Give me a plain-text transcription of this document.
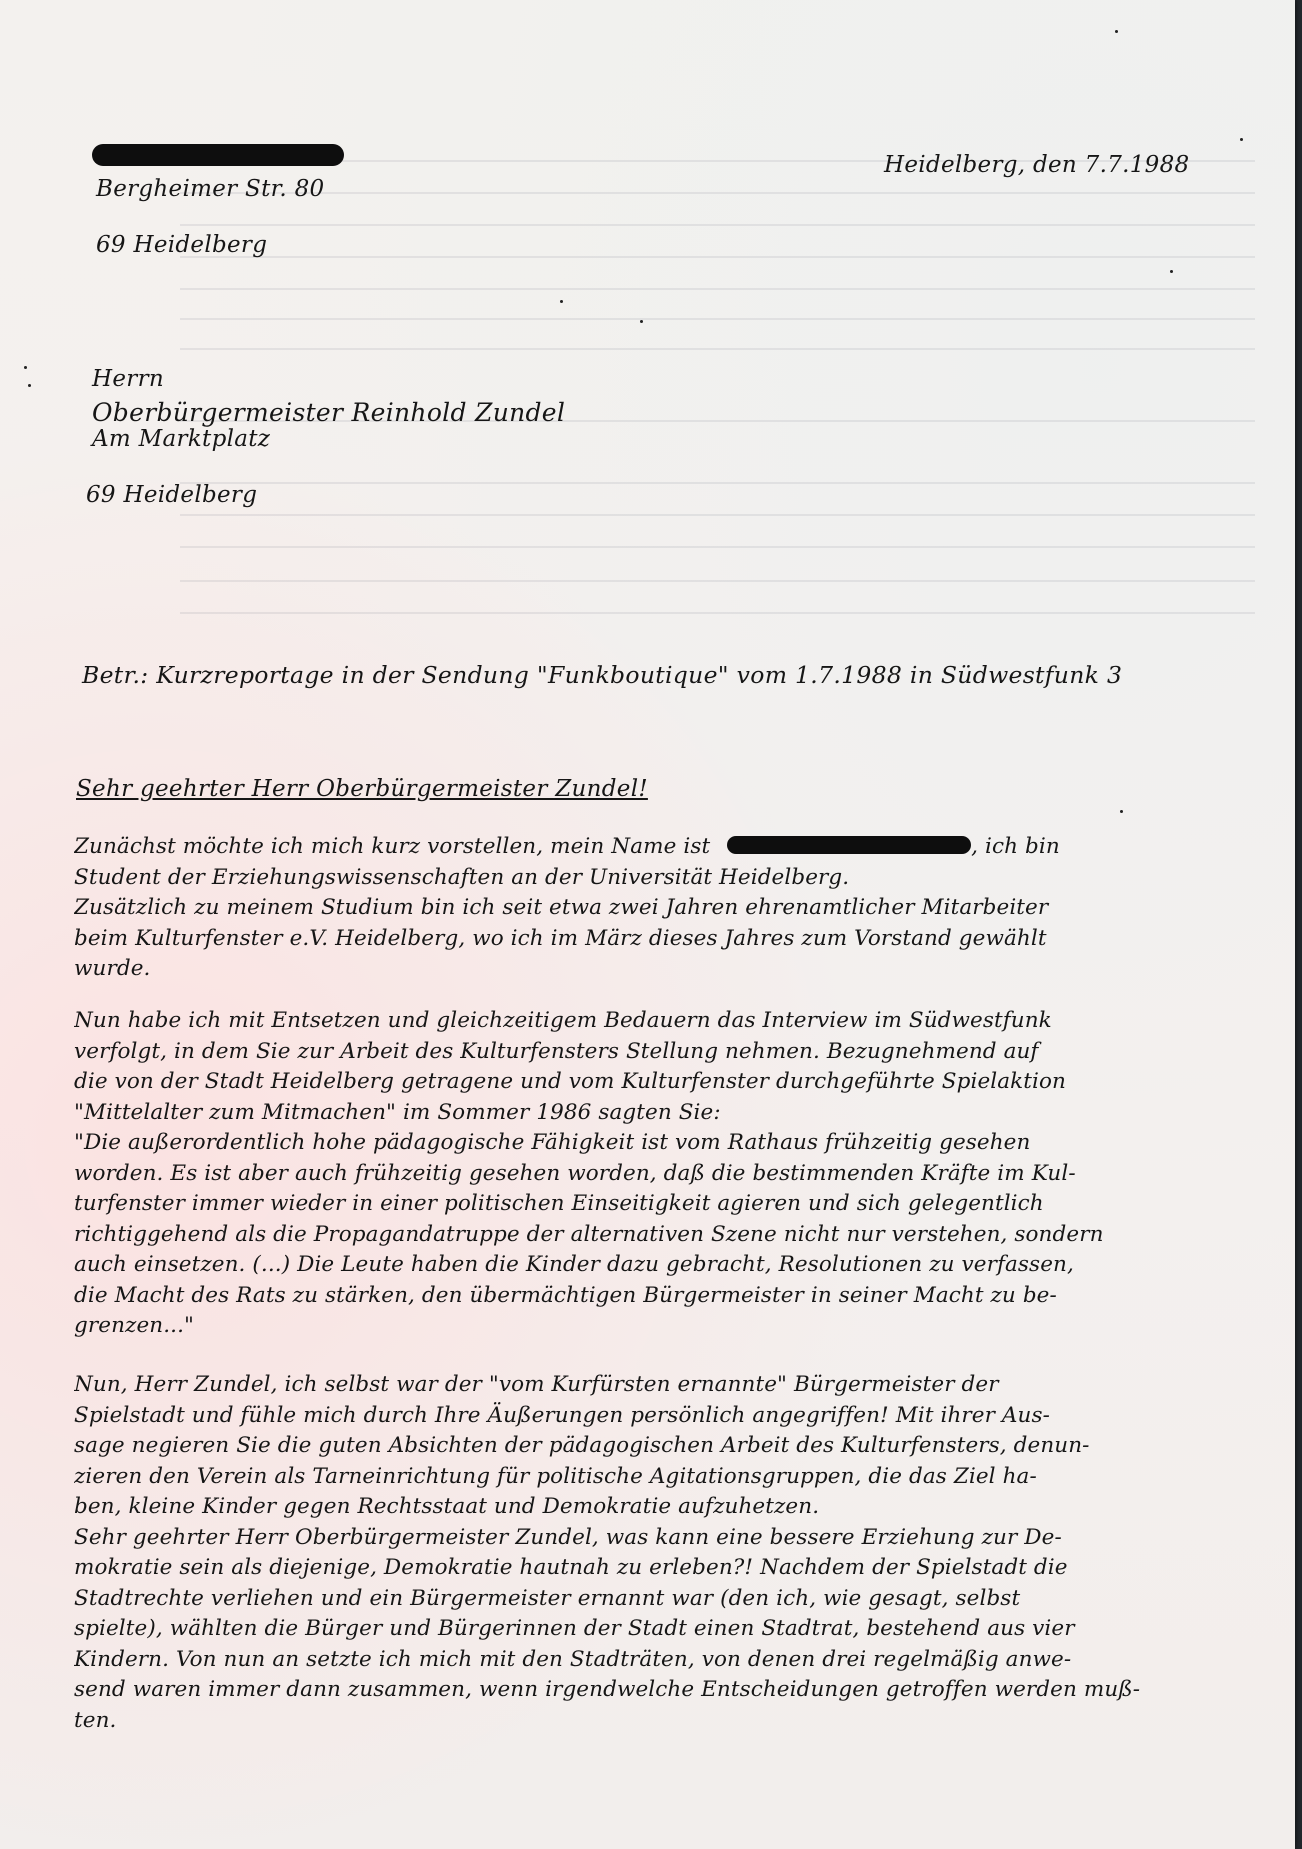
Bergheimer Str. 80
69 Heidelberg
Heidelberg, den 7.7.1988
Herrn
Oberbürgermeister Reinhold Zundel
Am Marktplatz
69 Heidelberg
Betr.: Kurzreportage in der Sendung "Funkboutique" vom 1.7.1988 in Südwestfunk 3
Sehr geehrter Herr Oberbürgermeister Zundel!
Zunächst möchte ich mich kurz vorstellen, mein Name ist	, ich bin
Student der Erziehungswissenschaften an der Universität Heidelberg.
Zusätzlich zu meinem Studium bin ich seit etwa zwei Jahren ehrenamtlicher Mitarbeiter
beim Kulturfenster e.V. Heidelberg, wo ich im März dieses Jahres zum Vorstand gewählt
wurde.
Nun habe ich mit Entsetzen und gleichzeitigem Bedauern das Interview im Südwestfunk
verfolgt, in dem Sie zur Arbeit des Kulturfensters Stellung nehmen. Bezugnehmend auf
die von der Stadt Heidelberg getragene und vom Kulturfenster durchgeführte Spielaktion
"Mittelalter zum Mitmachen" im Sommer 1986 sagten Sie:
"Die außerordentlich hohe pädagogische Fähigkeit ist vom Rathaus frühzeitig gesehen
worden. Es ist aber auch frühzeitig gesehen worden, daß die bestimmenden Kräfte im Kul-
turfenster immer wieder in einer politischen Einseitigkeit agieren und sich gelegentlich
richtiggehend als die Propagandatruppe der alternativen Szene nicht nur verstehen, sondern
auch einsetzen. (...) Die Leute haben die Kinder dazu gebracht, Resolutionen zu verfassen,
die Macht des Rats zu stärken, den übermächtigen Bürgermeister in seiner Macht zu be-
grenzen..."
Nun, Herr Zundel, ich selbst war der "vom Kurfürsten ernannte" Bürgermeister der
Spielstadt und fühle mich durch Ihre Äußerungen persönlich angegriffen! Mit ihrer Aus-
sage negieren Sie die guten Absichten der pädagogischen Arbeit des Kulturfensters, denun-
zieren den Verein als Tarneinrichtung für politische Agitationsgruppen, die das Ziel ha-
ben, kleine Kinder gegen Rechtsstaat und Demokratie aufzuhetzen.
Sehr geehrter Herr Oberbürgermeister Zundel, was kann eine bessere Erziehung zur De-
mokratie sein als diejenige, Demokratie hautnah zu erleben?! Nachdem der Spielstadt die
Stadtrechte verliehen und ein Bürgermeister ernannt war (den ich, wie gesagt, selbst
spielte), wählten die Bürger und Bürgerinnen der Stadt einen Stadtrat, bestehend aus vier
Kindern. Von nun an setzte ich mich mit den Stadträten, von denen drei regelmäßig anwe-
send waren immer dann zusammen, wenn irgendwelche Entscheidungen getroffen werden muß-
ten.
